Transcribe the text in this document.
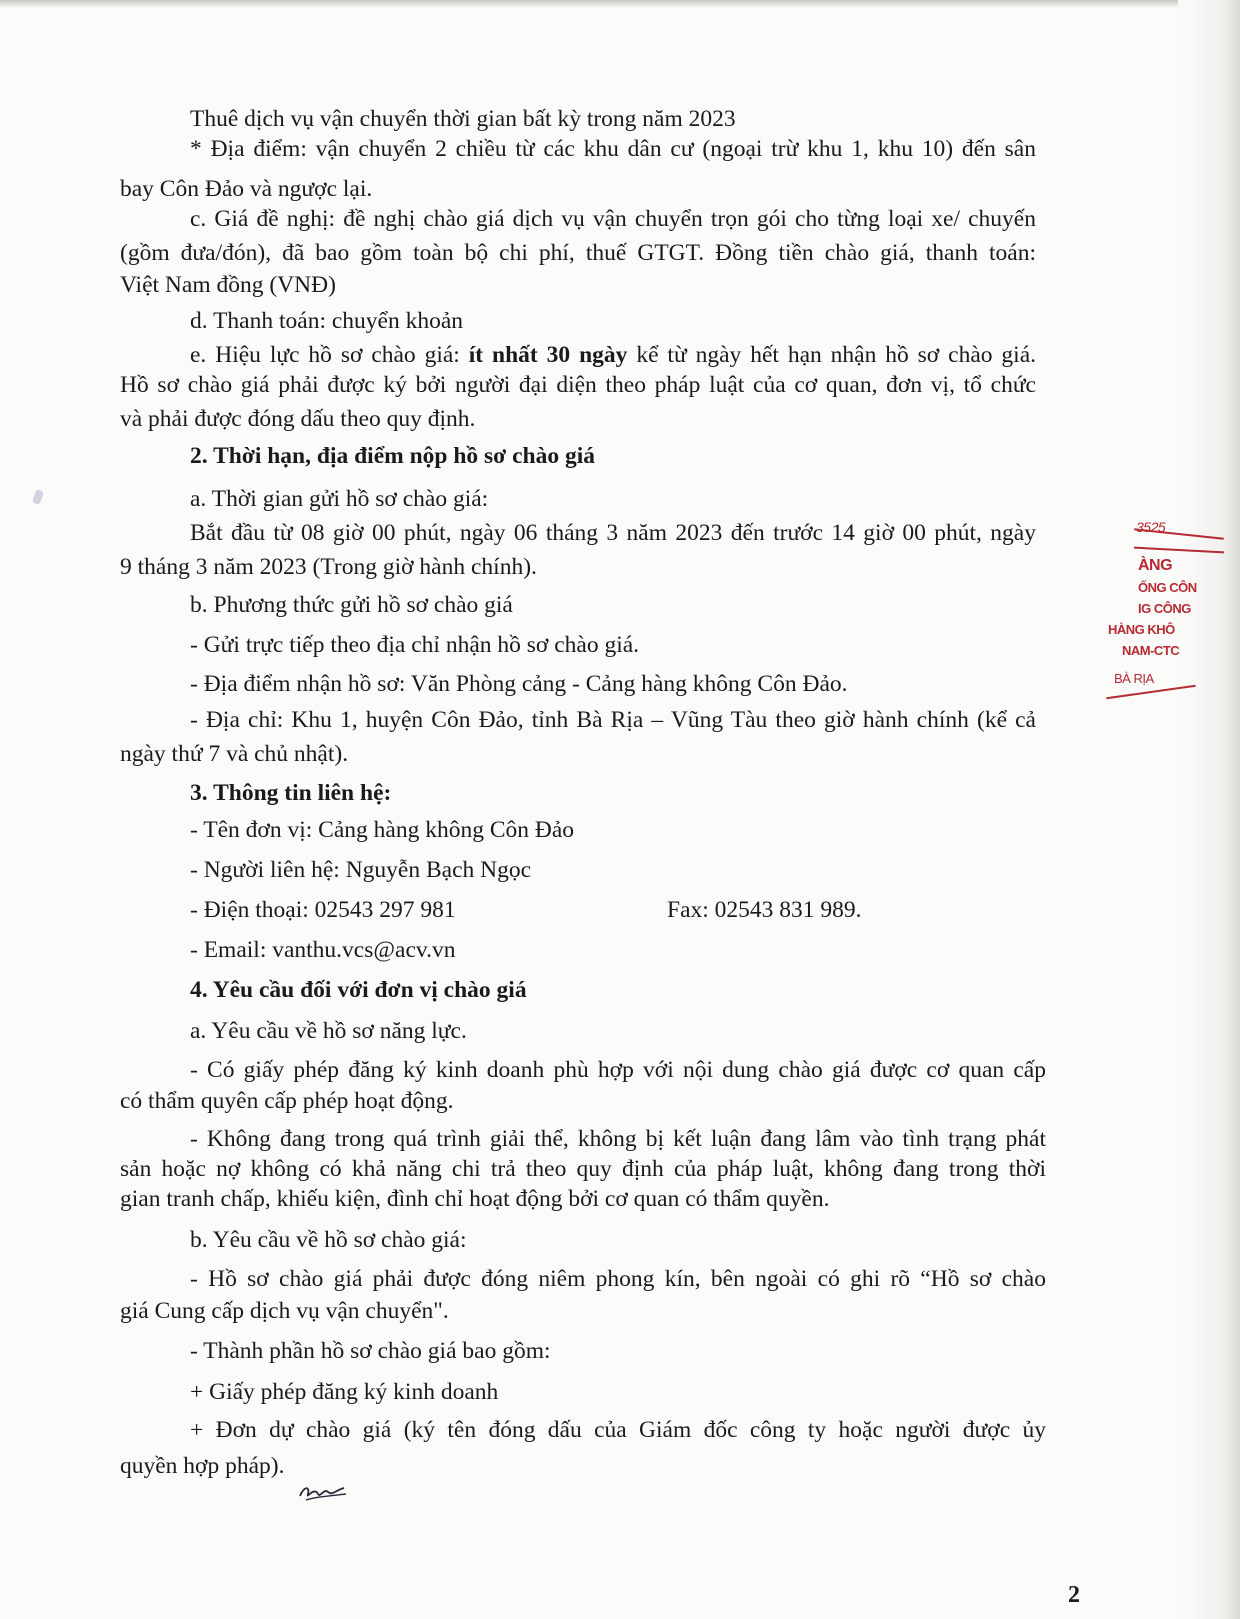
Thuê dịch vụ vận chuyển thời gian bất kỳ trong năm 2023
* Địa điểm: vận chuyển 2 chiều từ các khu dân cư (ngoại trừ khu 1, khu 10) đến sân
bay Côn Đảo và ngược lại.
c. Giá đề nghị: đề nghị chào giá dịch vụ vận chuyển trọn gói cho từng loại xe/ chuyến
(gồm đưa/đón), đã bao gồm toàn bộ chi phí, thuế GTGT. Đồng tiền chào giá, thanh toán:
Việt Nam đồng (VNĐ)
d. Thanh toán: chuyển khoản
e. Hiệu lực hồ sơ chào giá: ít nhất 30 ngày kể từ ngày hết hạn nhận hồ sơ chào giá.
Hồ sơ chào giá phải được ký bởi người đại diện theo pháp luật của cơ quan, đơn vị, tổ chức
và phải được đóng dấu theo quy định.
2. Thời hạn, địa điểm nộp hồ sơ chào giá
a. Thời gian gửi hồ sơ chào giá:
Bắt đầu từ 08 giờ 00 phút, ngày 06 tháng 3 năm 2023 đến trước 14 giờ 00 phút, ngày
9 tháng 3 năm 2023 (Trong giờ hành chính).
b. Phương thức gửi hồ sơ chào giá
- Gửi trực tiếp theo địa chỉ nhận hồ sơ chào giá.
- Địa điểm nhận hồ sơ: Văn Phòng cảng - Cảng hàng không Côn Đảo.
- Địa chỉ: Khu 1, huyện Côn Đảo, tỉnh Bà Rịa – Vũng Tàu theo giờ hành chính (kể cả
ngày thứ 7 và chủ nhật).
3. Thông tin liên hệ:
- Tên đơn vị: Cảng hàng không Côn Đảo
- Người liên hệ: Nguyễn Bạch Ngọc
- Điện thoại: 02543 297 981	Fax: 02543 831 989.
- Email: vanthu.vcs@acv.vn
4. Yêu cầu đối với đơn vị chào giá
a. Yêu cầu về hồ sơ năng lực.
- Có giấy phép đăng ký kinh doanh phù hợp với nội dung chào giá được cơ quan cấp
có thẩm quyên cấp phép hoạt động.
- Không đang trong quá trình giải thể, không bị kết luận đang lâm vào tình trạng phát
sản hoặc nợ không có khả năng chi trả theo quy định của pháp luật, không đang trong thời
gian tranh chấp, khiếu kiện, đình chỉ hoạt động bởi cơ quan có thẩm quyền.
b. Yêu cầu về hồ sơ chào giá:
- Hồ sơ chào giá phải được đóng niêm phong kín, bên ngoài có ghi rõ “Hồ sơ chào
giá Cung cấp dịch vụ vận chuyển".
- Thành phần hồ sơ chào giá bao gồm:
+ Giấy phép đăng ký kinh doanh
+ Đơn dự chào giá (ký tên đóng dấu của Giám đốc công ty hoặc người được ủy
quyền hợp pháp).
3525
ÀNG
ỐNG CÔN
IG CÔNG
HÀNG KHÔ
NAM-CTC
BÀ RỊA
2
